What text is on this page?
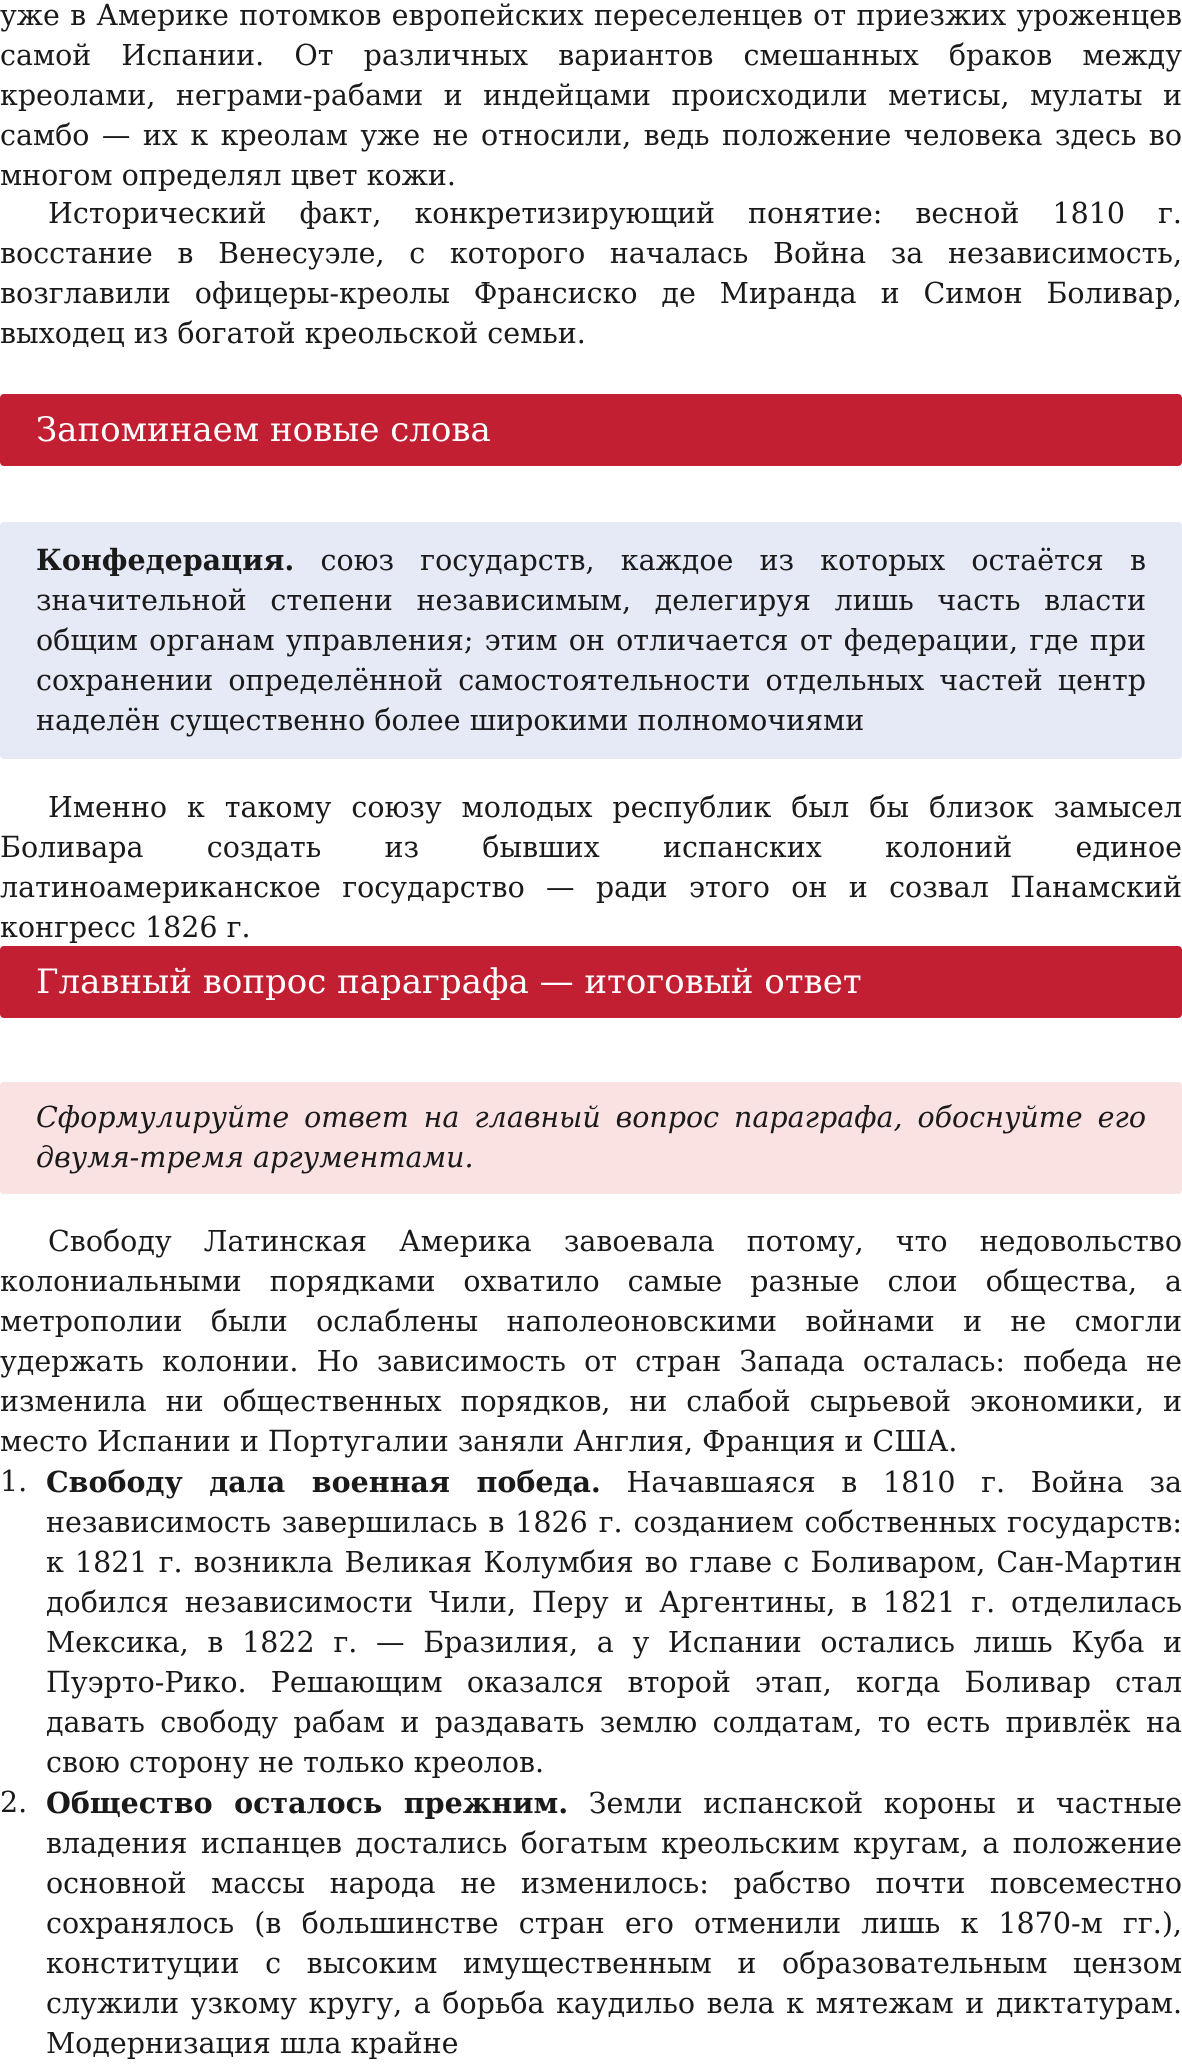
уже в Америке потомков европейских переселенцев от приезжих уроженцев самой Испании. От различных вариантов смешанных браков между креолами, неграми-рабами и индейцами происходили метисы, мулаты и самбо — их к креолам уже не относили, ведь положение человека здесь во многом определял цвет кожи.

Исторический факт, конкретизирующий понятие: весной 1810 г. восстание в Венесуэле, с которого началась Война за независимость, возглавили офицеры-креолы Франсиско де Миранда и Симон Боливар, выходец из богатой креольской семьи.

Запоминаем новые слова

Конфедерация. союз государств, каждое из которых остаётся в значительной степени независимым, делегируя лишь часть власти общим органам управления; этим он отличается от федерации, где при сохранении определённой самостоятельности отдельных частей центр наделён существенно более широкими полномочиями

Именно к такому союзу молодых республик был бы близок замысел Боливара создать из бывших испанских колоний единое латиноамериканское государство — ради этого он и созвал Панамский конгресс 1826 г.

Главный вопрос параграфа — итоговый ответ

Сформулируйте ответ на главный вопрос параграфа, обоснуйте его двумя-тремя аргументами.

Свободу Латинская Америка завоевала потому, что недовольство колониальными порядками охватило самые разные слои общества, а метрополии были ослаблены наполеоновскими войнами и не смогли удержать колонии. Но зависимость от стран Запада осталась: победа не изменила ни общественных порядков, ни слабой сырьевой экономики, и место Испании и Португалии заняли Англия, Франция и США.

1. Свободу дала военная победа. Начавшаяся в 1810 г. Война за независимость завершилась в 1826 г. созданием собственных государств: к 1821 г. возникла Великая Колумбия во главе с Боливаром, Сан-Мартин добился независимости Чили, Перу и Аргентины, в 1821 г. отделилась Мексика, в 1822 г. — Бразилия, а у Испании остались лишь Куба и Пуэрто-Рико. Решающим оказался второй этап, когда Боливар стал давать свободу рабам и раздавать землю солдатам, то есть привлёк на свою сторону не только креолов.
2. Общество осталось прежним. Земли испанской короны и частные владения испанцев достались богатым креольским кругам, а положение основной массы народа не изменилось: рабство почти повсеместно сохранялось (в большинстве стран его отменили лишь к 1870-м гг.), конституции с высоким имущественным и образовательным цензом служили узкому кругу, а борьба каудильо вела к мятежам и диктатурам. Модернизация шла крайне
